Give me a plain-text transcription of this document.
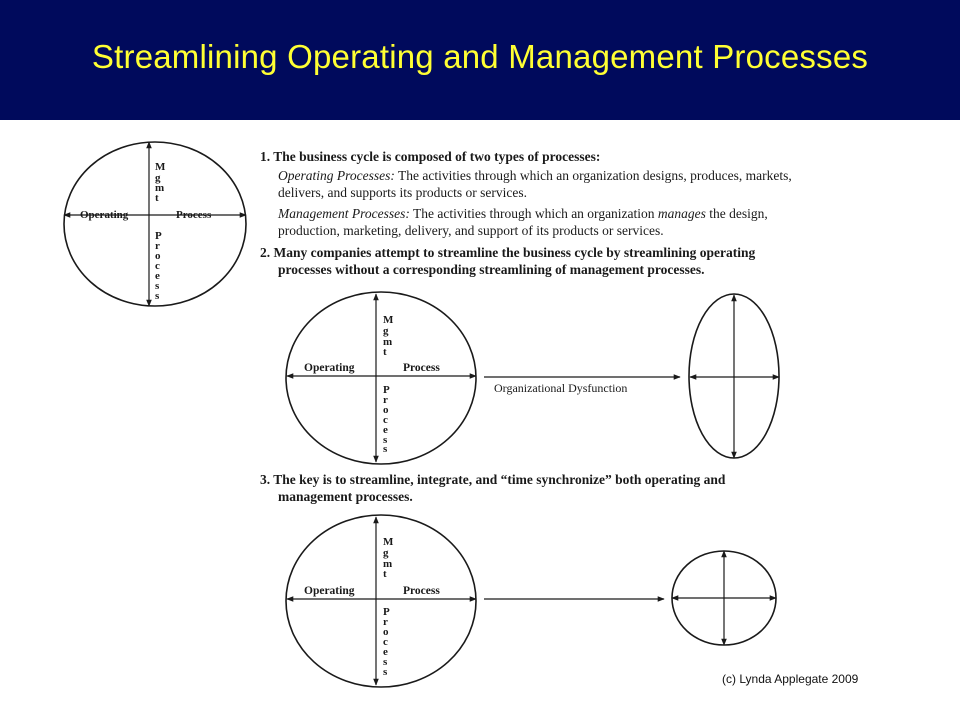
Streamlining Operating and Management Processes
1. The business cycle is composed of two types of processes:
Operating Processes: The activities through which an organization designs, produces, markets,
delivers, and supports its products or services.
Management Processes: The activities through which an organization manages the design,
production, marketing, delivery, and support of its products or services.
2. Many companies attempt to streamline the business cycle by streamlining operating
processes without a corresponding streamlining of management processes.
3. The key is to streamline, integrate, and “time synchronize” both operating and
management processes.
Operating	Process
M
g
m
t
P
r
o
c
e
s
s
Operating	Process
M
g
m
t
P
r
o
c
e
s
s
Organizational Dysfunction
Operating	Process
M
g
m
t
P
r
o
c
e
s
s	(c) Lynda Applegate 2009
